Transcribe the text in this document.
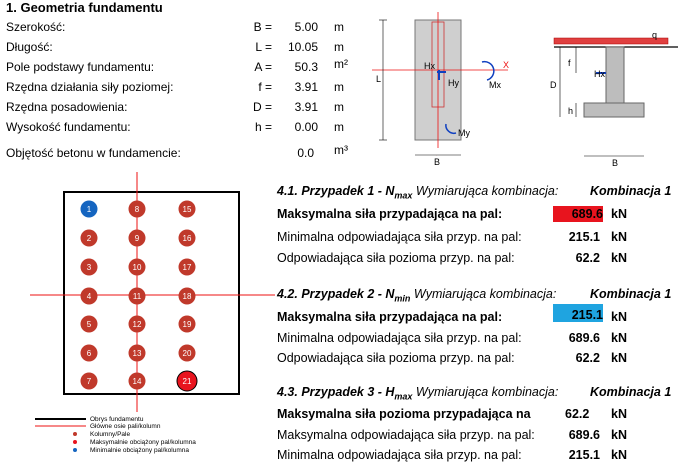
1. Geometria fundamentu
Szerokość:	B =	5.00 m
Długość:	L =	10.05 m
Pole podstawy fundamentu:	A =	50.3 m²
Rzędna działania siły poziomej:	f =	3.91 m
Rzędna posadowienia:	D =	3.91 m
Wysokość fundamentu:	h =	0.00 m
Objętość betonu w fundamencie:	0.0 m³
L
B
Hx
Hy	Mx
X
Y
My
q
Hx
D
f
h
B
1
2
3
4
5
6
7
8
9
10
11
12
13
14
15
16
17
18
19
20
21
Obrys fundamentu
Główne osie pali/kolumn
Kolumny/Pale
Maksymalnie obciążony pal/kolumna
Minimalnie obciążony pal/kolumna
4.1. Przypadek $1 - N_{max}$ Wymiarująca kombinacja:	Kombinacja 1
Maksymalna siła przypadająca na pal:	689.6 kN
Minimalna odpowiadająca siła przyp. na pal:	215.1 kN
Odpowiadająca siła pozioma przyp. na pal:	62.2 kN
4.2. Przypadek $2 - N_{min}$ Wymiarująca kombinacja:	Kombinacja 1
Maksymalna siła przypadająca na pal:	215.1 kN
Minimalna odpowiadająca siła przyp. na pal:	689.6 kN
Odpowiadająca siła pozioma przyp. na pal:	62.2 kN
4.3. Przypadek $3 - H_{max}$ Wymiarująca kombinacja:	Kombinacja 1
Maksymalna siła pozioma przypadająca na	62.2 kN
Maksymalna odpowiadająca siła przyp. na pal:	689.6 kN
Minimalna odpowiadająca siła przyp. na pal:	215.1 kN
